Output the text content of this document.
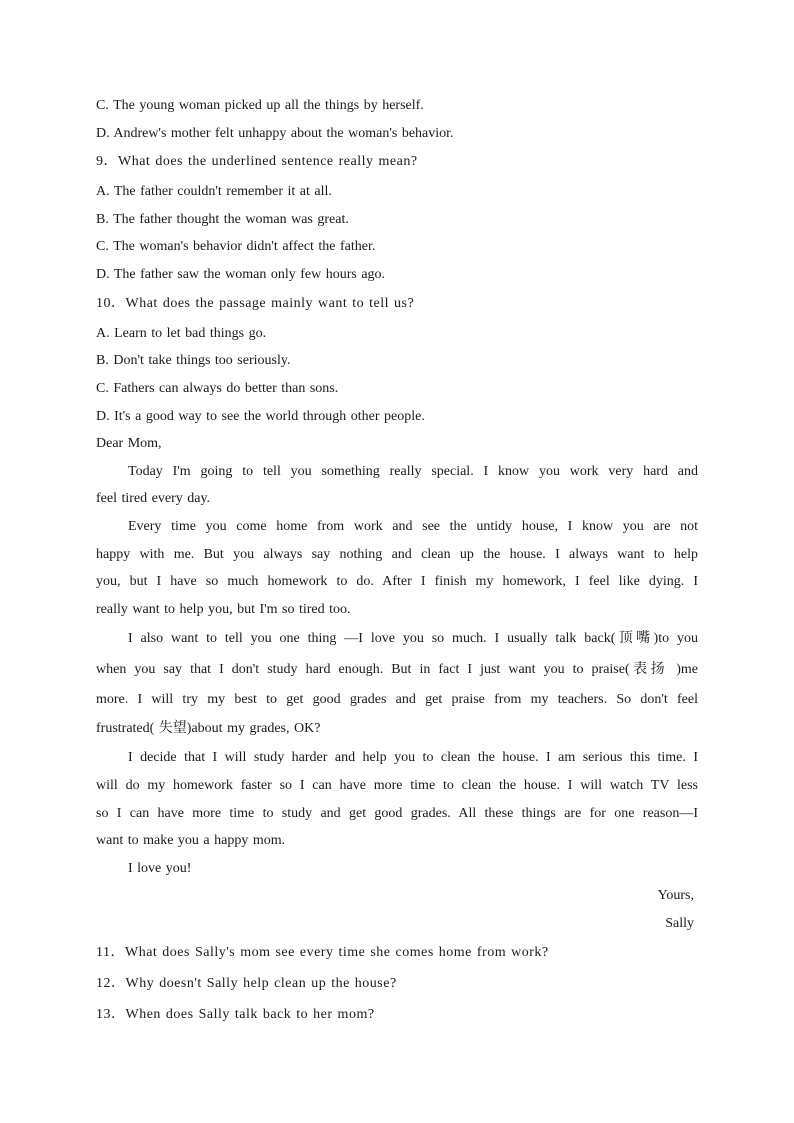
C. The young woman picked up all the things by herself.
D. Andrew's mother felt unhappy about the woman's behavior.
9．What does the underlined sentence really mean?
A. The father couldn't remember it at all.
B. The father thought the woman was great.
C. The woman's behavior didn't affect the father.
D. The father saw the woman only few hours ago.
10．What does the passage mainly want to tell us?
A. Learn to let bad things go.
B. Don't take things too seriously.
C. Fathers can always do better than sons.
D. It's a good way to see the world through other people.
Dear Mom,
Today I'm going to tell you something really special. I know you work very hard and
feel tired every day.
Every time you come home from work and see the untidy house, I know you are not
happy with me. But you always say nothing and clean up the house. I always want to help
you, but I have so much homework to do. After I finish my homework, I feel like dying. I
really want to help you, but I'm so tired too.
I also want to tell you one thing —I love you so much. I usually talk back(顶嘴)to you
when you say that I don't study hard enough. But in fact I just want you to praise(表扬 )me
more. I will try my best to get good grades and get praise from my teachers. So don't feel
frustrated( 失望)about my grades, OK?
I decide that I will study harder and help you to clean the house. I am serious this time. I
will do my homework faster so I can have more time to clean the house. I will watch TV less
so I can have more time to study and get good grades. All these things are for one reason—I
want to make you a happy mom.
I love you!
Yours,
Sally
11．What does Sally's mom see every time she comes home from work?
12．Why doesn't Sally help clean up the house?
13．When does Sally talk back to her mom?
